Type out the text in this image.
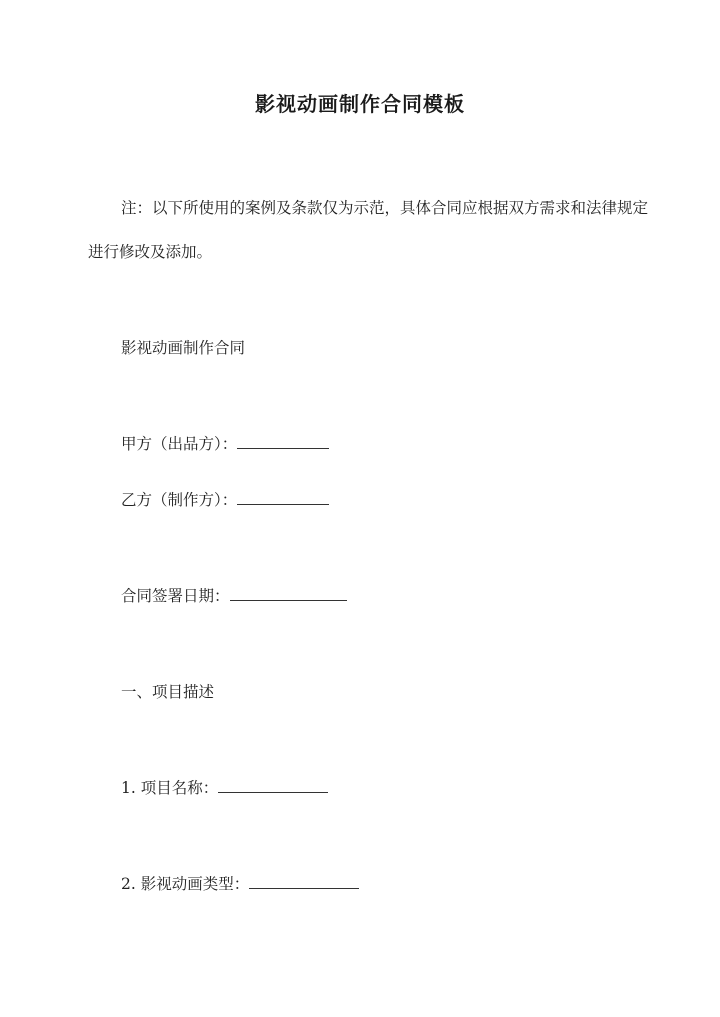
影视动画制作合同模板
注：以下所使用的案例及条款仅为示范，具体合同应根据双方需求和法律规定进行修改及添加。
影视动画制作合同
甲方（出品方）：
乙方（制作方）：
合同签署日期：
一、项目描述
1. 项目名称：
2. 影视动画类型：
